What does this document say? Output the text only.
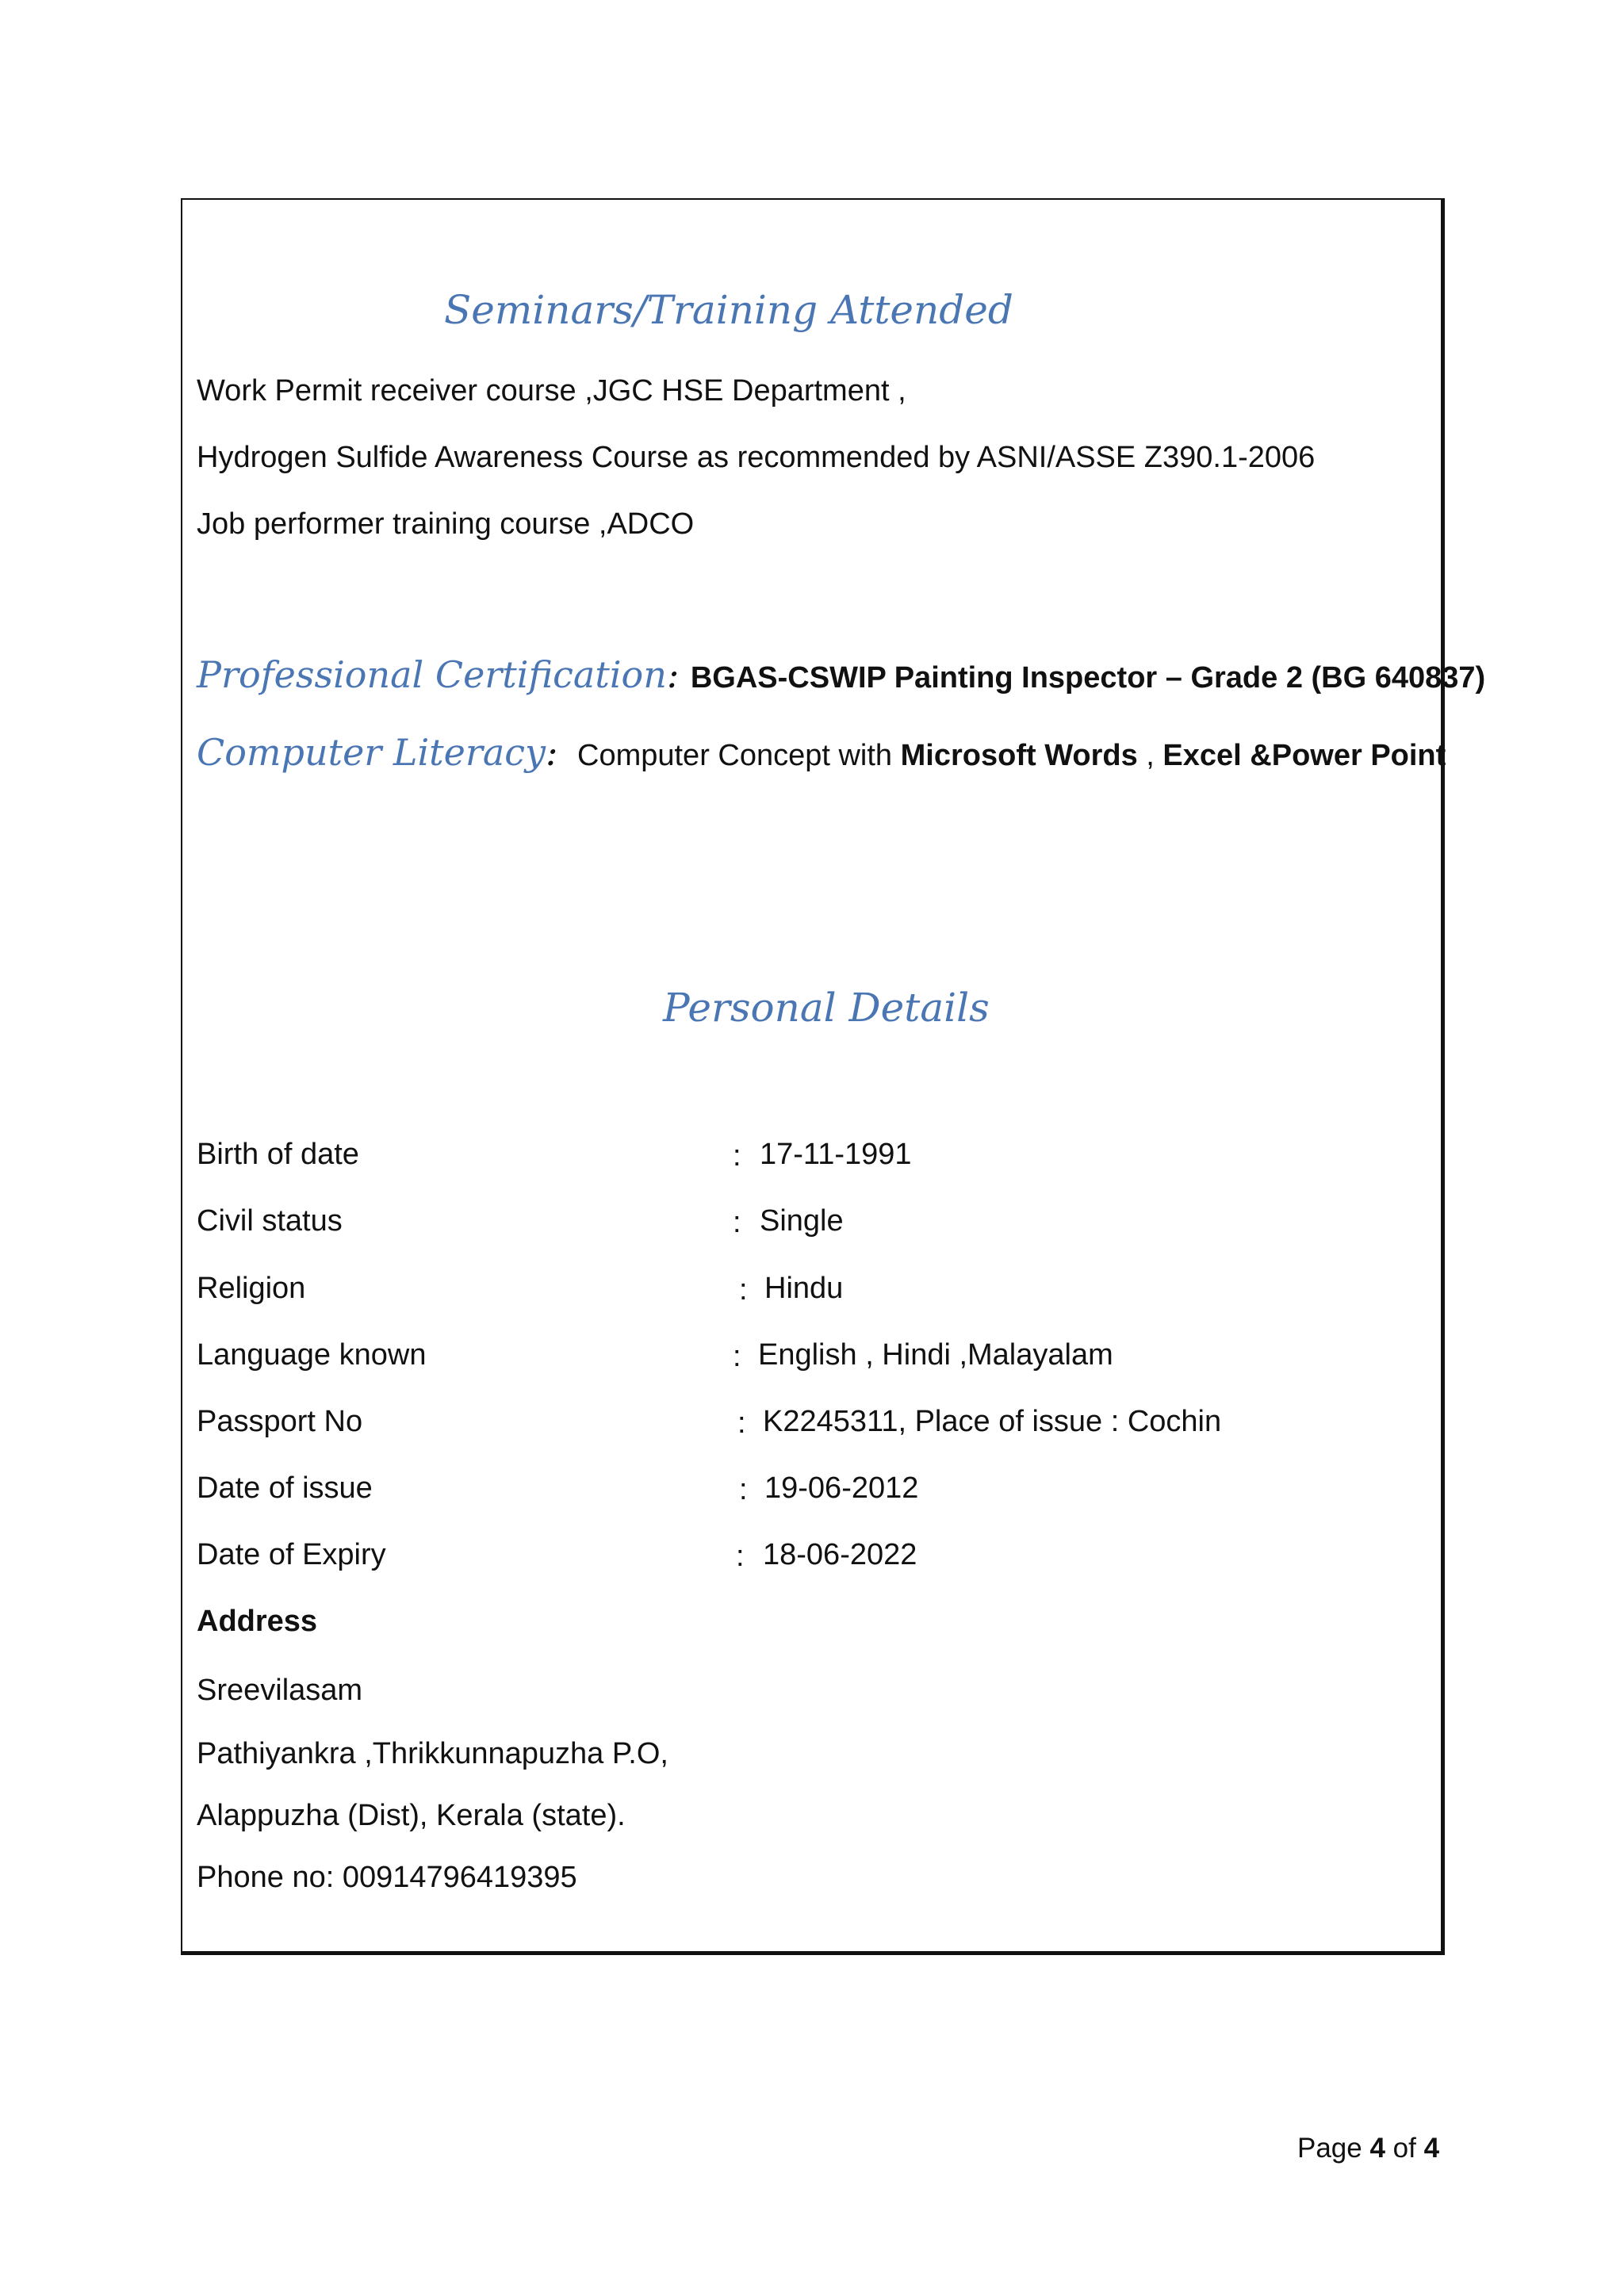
Seminars/Training Attended
Work Permit receiver course ,JGC HSE Department ,
Hydrogen Sulfide Awareness Course as recommended by ASNI/ASSE Z390.1-2006
Job performer training course ,ADCO
Professional Certification: BGAS-CSWIP Painting Inspector – Grade 2 (BG 640837)
Computer Literacy: Computer Concept with Microsoft Words , Excel &Power Point
Personal Details
Birth of date	: 17-11-1991
Civil status	: Single
Religion	: Hindu
Language known	: English , Hindi ,Malayalam
Passport No	: K2245311, Place of issue : Cochin
Date of issue	: 19-06-2012
Date of Expiry	: 18-06-2022
Address
Sreevilasam
Pathiyankra ,Thrikkunnapuzha P.O,
Alappuzha (Dist), Kerala (state).
Phone no: 00914796419395
Page 4 of 4
